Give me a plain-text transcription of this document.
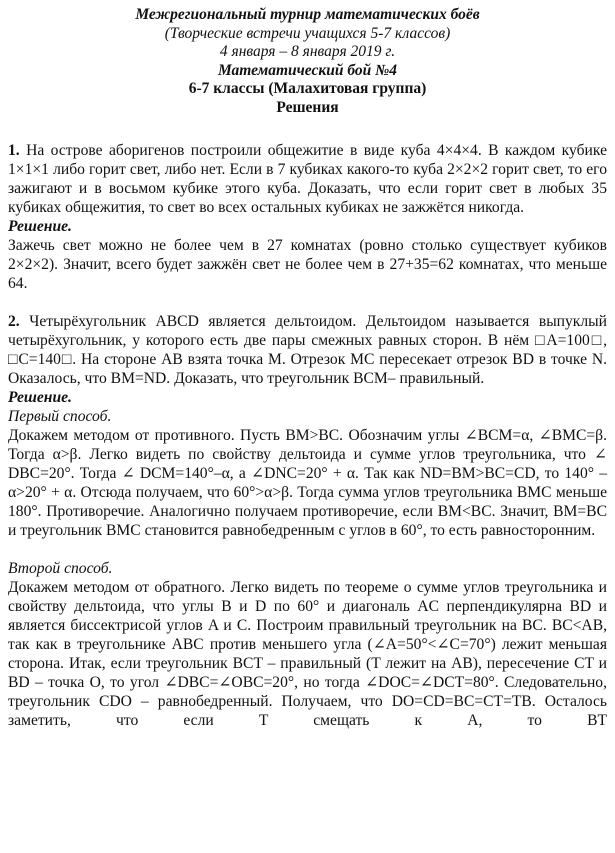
Межрегиональный турнир математических боёв
(Творческие встречи учащихся 5-7 классов)
4 января – 8 января 2019 г.
Математический бой №4
6-7 классы (Малахитовая группа)
Решения

1. На острове аборигенов построили общежитие в виде куба 4×4×4. В каждом кубике 1×1×1 либо горит свет, либо нет. Если в 7 кубиках какого-то куба 2×2×2 горит свет, то его зажигают и в восьмом кубике этого куба. Доказать, что если горит свет в любых 35 кубиках общежития, то свет во всех остальных кубиках не зажжётся никогда.

Решение.

Зажечь свет можно не более чем в 27 комнатах (ровно столько существует кубиков 2×2×2). Значит, всего будет зажжён свет не более чем в 27+35=62 комнатах, что меньше 64.

2. Четырёхугольник ABCD является дельтоидом. Дельтоидом называется выпуклый четырёхугольник, у которого есть две пары смежных равных сторон. В нём □A=100□, □C=140□. На стороне AB взята точка M. Отрезок MC пересекает отрезок BD в точке N. Оказалось, что BM=ND. Доказать, что треугольник BCM– правильный.

Решение.

Первый способ.

Докажем методом от противного. Пусть BM>BC. Обозначим углы ∠BCM=α, ∠BMC=β. Тогда α>β. Легко видеть по свойству дельтоида и сумме углов треугольника, что ∠ DBC=20°. Тогда ∠ DCM=140°–α, а ∠DNC=20° + α. Так как ND=BM>BC=CD, то 140° – α>20° + α. Отсюда получаем, что 60°>α>β. Тогда сумма углов треугольника BMC меньше 180°. Противоречие. Аналогично получаем противоречие, если BM<BC. Значит, BM=BC и треугольник BMC становится равнобедренным с углов в 60°, то есть равносторонним.

Второй способ.

Докажем методом от обратного. Легко видеть по теореме о сумме углов треугольника и свойству дельтоида, что углы B и D по 60° и диагональ AC перпендикулярна BD и является биссектрисой углов A и C. Построим правильный треугольник на BC. BC<AB, так как в треугольнике ABC против меньшего угла (∠A=50°<∠C=70°) лежит меньшая сторона. Итак, если треугольник BCT – правильный (T лежит на AB), пересечение CT и BD – точка O, то угол ∠DBC=∠OBC=20°, но тогда ∠DOC=∠DCT=80°. Следовательно, треугольник CDO – равнобедренный. Получаем, что DO=CD=BC=CT=TB. Осталось заметить, что если T смещать к A, то BT
